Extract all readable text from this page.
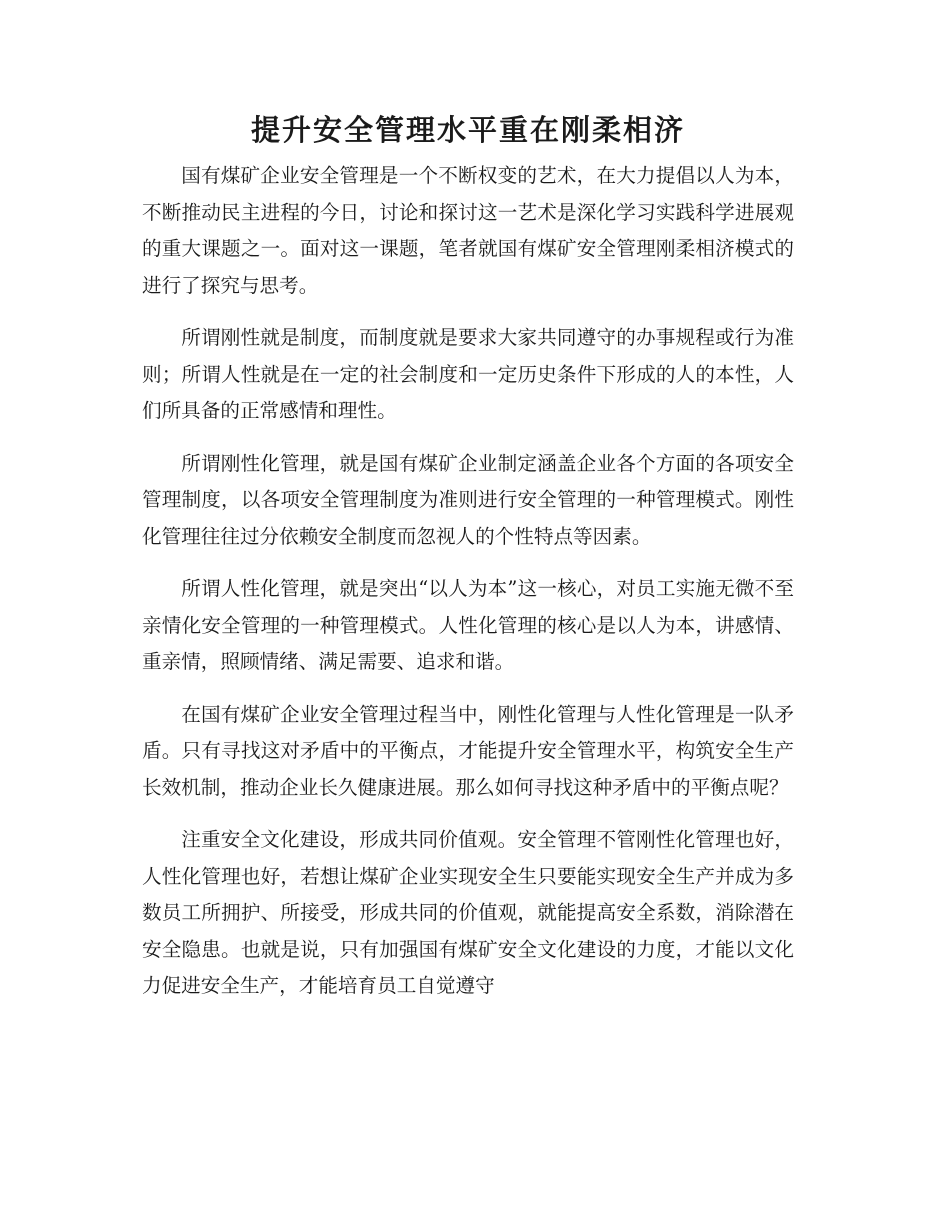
提升安全管理水平重在刚柔相济

国有煤矿企业安全管理是一个不断权变的艺术，在大力提倡以人为本，不断推动民主进程的今日，讨论和探讨这一艺术是深化学习实践科学进展观的重大课题之一。面对这一课题，笔者就国有煤矿安全管理刚柔相济模式的进行了探究与思考。

所谓刚性就是制度，而制度就是要求大家共同遵守的办事规程或行为准则；所谓人性就是在一定的社会制度和一定历史条件下形成的人的本性，人们所具备的正常感情和理性。

所谓刚性化管理，就是国有煤矿企业制定涵盖企业各个方面的各项安全管理制度，以各项安全管理制度为准则进行安全管理的一种管理模式。刚性化管理往往过分依赖安全制度而忽视人的个性特点等因素。

所谓人性化管理，就是突出“以人为本”这一核心，对员工实施无微不至亲情化安全管理的一种管理模式。人性化管理的核心是以人为本，讲感情、重亲情，照顾情绪、满足需要、追求和谐。

在国有煤矿企业安全管理过程当中，刚性化管理与人性化管理是一队矛盾。只有寻找这对矛盾中的平衡点，才能提升安全管理水平，构筑安全生产长效机制，推动企业长久健康进展。那么如何寻找这种矛盾中的平衡点呢？

注重安全文化建设，形成共同价值观。安全管理不管刚性化管理也好，人性化管理也好，若想让煤矿企业实现安全生只要能实现安全生产并成为多数员工所拥护、所接受，形成共同的价值观，就能提高安全系数，消除潜在安全隐患。也就是说，只有加强国有煤矿安全文化建设的力度，才能以文化力促进安全生产，才能培育员工自觉遵守
